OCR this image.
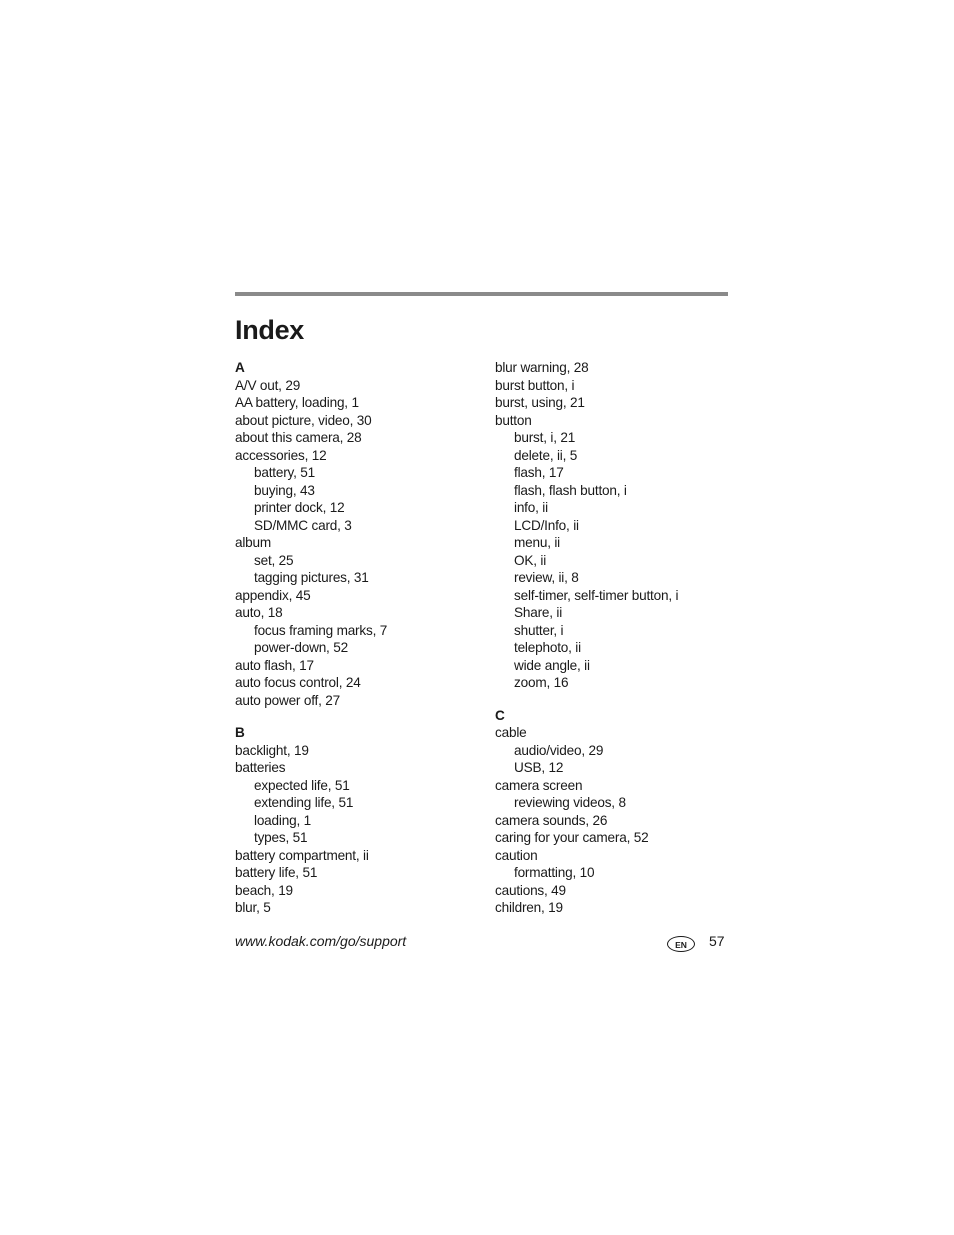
Index
A
A/V out, 29
AA battery, loading, 1
about picture, video, 30
about this camera, 28
accessories, 12
battery, 51
buying, 43
printer dock, 12
SD/MMC card, 3
album
set, 25
tagging pictures, 31
appendix, 45
auto, 18
focus framing marks, 7
power-down, 52
auto flash, 17
auto focus control, 24
auto power off, 27
B
backlight, 19
batteries
expected life, 51
extending life, 51
loading, 1
types, 51
battery compartment, ii
battery life, 51
beach, 19
blur, 5
blur warning, 28
burst button, i
burst, using, 21
button
burst, i, 21
delete, ii, 5
flash, 17
flash, flash button, i
info, ii
LCD/Info, ii
menu, ii
OK, ii
review, ii, 8
self-timer, self-timer button, i
Share, ii
shutter, i
telephoto, ii
wide angle, ii
zoom, 16
C
cable
audio/video, 29
USB, 12
camera screen
reviewing videos, 8
camera sounds, 26
caring for your camera, 52
caution
formatting, 10
cautions, 49
children, 19
www.kodak.com/go/support	EN	57
